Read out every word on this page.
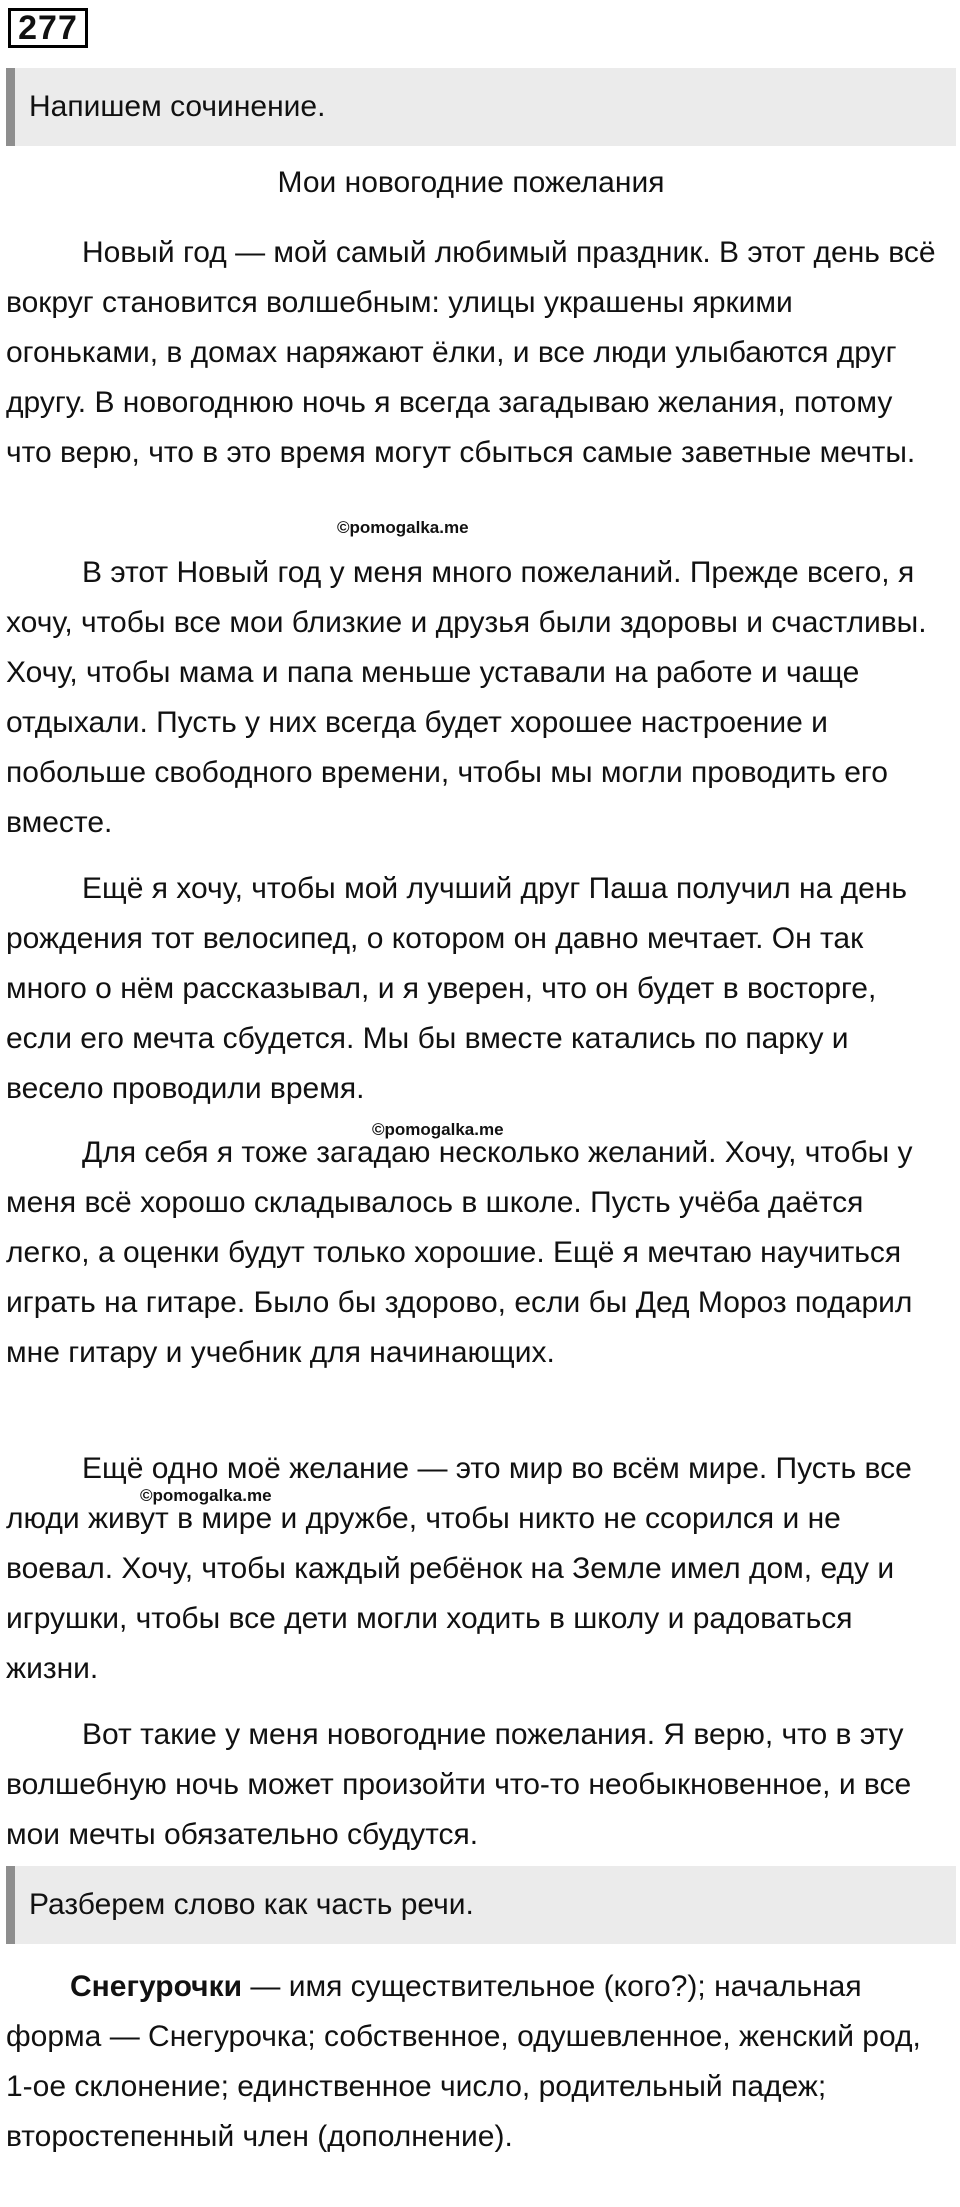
277
Напишем сочинение.
Мои новогодние пожелания

Новый год — мой самый любимый праздник. В этот день всё вокруг становится волшебным: улицы украшены яркими огоньками, в домах наряжают ёлки, и все люди улыбаются друг другу. В новогоднюю ночь я всегда загадываю желания, потому что верю, что в это время могут сбыться самые заветные мечты.

В этот Новый год у меня много пожеланий. Прежде всего, я хочу, чтобы все мои близкие и друзья были здоровы и счастливы. Хочу, чтобы мама и папа меньше уставали на работе и чаще отдыхали. Пусть у них всегда будет хорошее настроение и побольше свободного времени, чтобы мы могли проводить его вместе.

Ещё я хочу, чтобы мой лучший друг Паша получил на день рождения тот велосипед, о котором он давно мечтает. Он так много о нём рассказывал, и я уверен, что он будет в восторге, если его мечта сбудется. Мы бы вместе катались по парку и весело проводили время.

Для себя я тоже загадаю несколько желаний. Хочу, чтобы у меня всё хорошо складывалось в школе. Пусть учёба даётся легко, а оценки будут только хорошие. Ещё я мечтаю научиться играть на гитаре. Было бы здорово, если бы Дед Мороз подарил мне гитару и учебник для начинающих.

Ещё одно моё желание — это мир во всём мире. Пусть все люди живут в мире и дружбе, чтобы никто не ссорился и не воевал. Хочу, чтобы каждый ребёнок на Земле имел дом, еду и игрушки, чтобы все дети могли ходить в школу и радоваться жизни.

Вот такие у меня новогодние пожелания. Я верю, что в эту волшебную ночь может произойти что-то необыкновенное, и все мои мечты обязательно сбудутся.

©pomogalka.me
©pomogalka.me
©pomogalka.me
Разберем слово как часть речи.

Снегурочки — имя существительное (кого?); начальная форма — Снегурочка; собственное, одушевленное, женский род, 1-ое склонение; единственное число, родительный падеж; второстепенный член (дополнение).
